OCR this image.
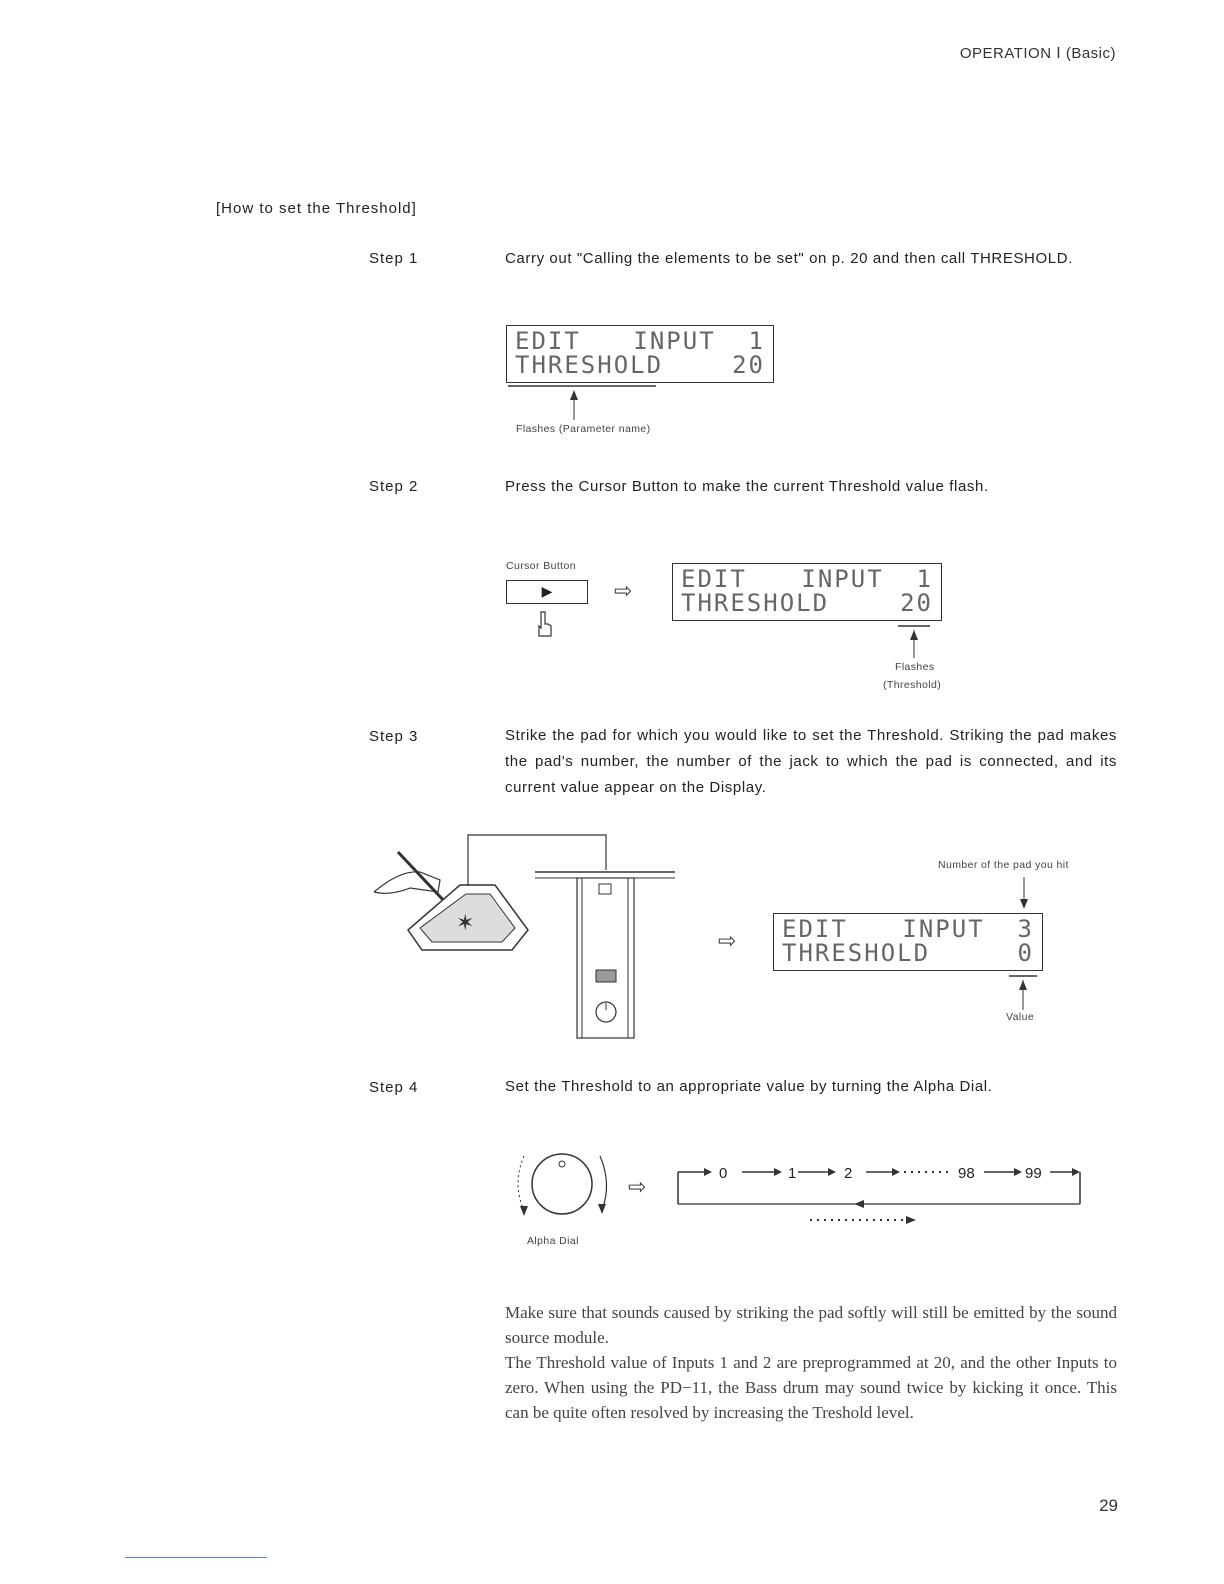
OPERATION Ⅰ (Basic)
[How to set the Threshold]
Step 1	Carry out "Calling the elements to be set" on p. 20 and then call THRESHOLD.
EDIT INPUT  1
THRESHOLD	20
Flashes (Parameter name)
Step 2	Press the Cursor Button to make the current Threshold value flash.
Cursor Button
▶	⇨ EDIT INPUT  1
THRESHOLD	20
Flashes
(Threshold)
Step 3	Strike the pad for which you would like to set the Threshold. Striking the pad makes the pad's number, the number of the jack to which the pad is connected, and its current value appear on the Display.
✶
⇨
Number of the pad you hit
EDIT INPUT  3
THRESHOLD	0
Value
Step 4	Set the Threshold to an appropriate value by turning the Alpha Dial.
Alpha Dial
⇨
0	1	2	98	99

Make sure that sounds caused by striking the pad softly will still be emitted by the sound source module.

The Threshold value of Inputs 1 and 2 are preprogrammed at 20, and the other Inputs to zero. When using the PD−11, the Bass drum may sound twice by kicking it once. This can be quite often resolved by increasing the Treshold level.

29
